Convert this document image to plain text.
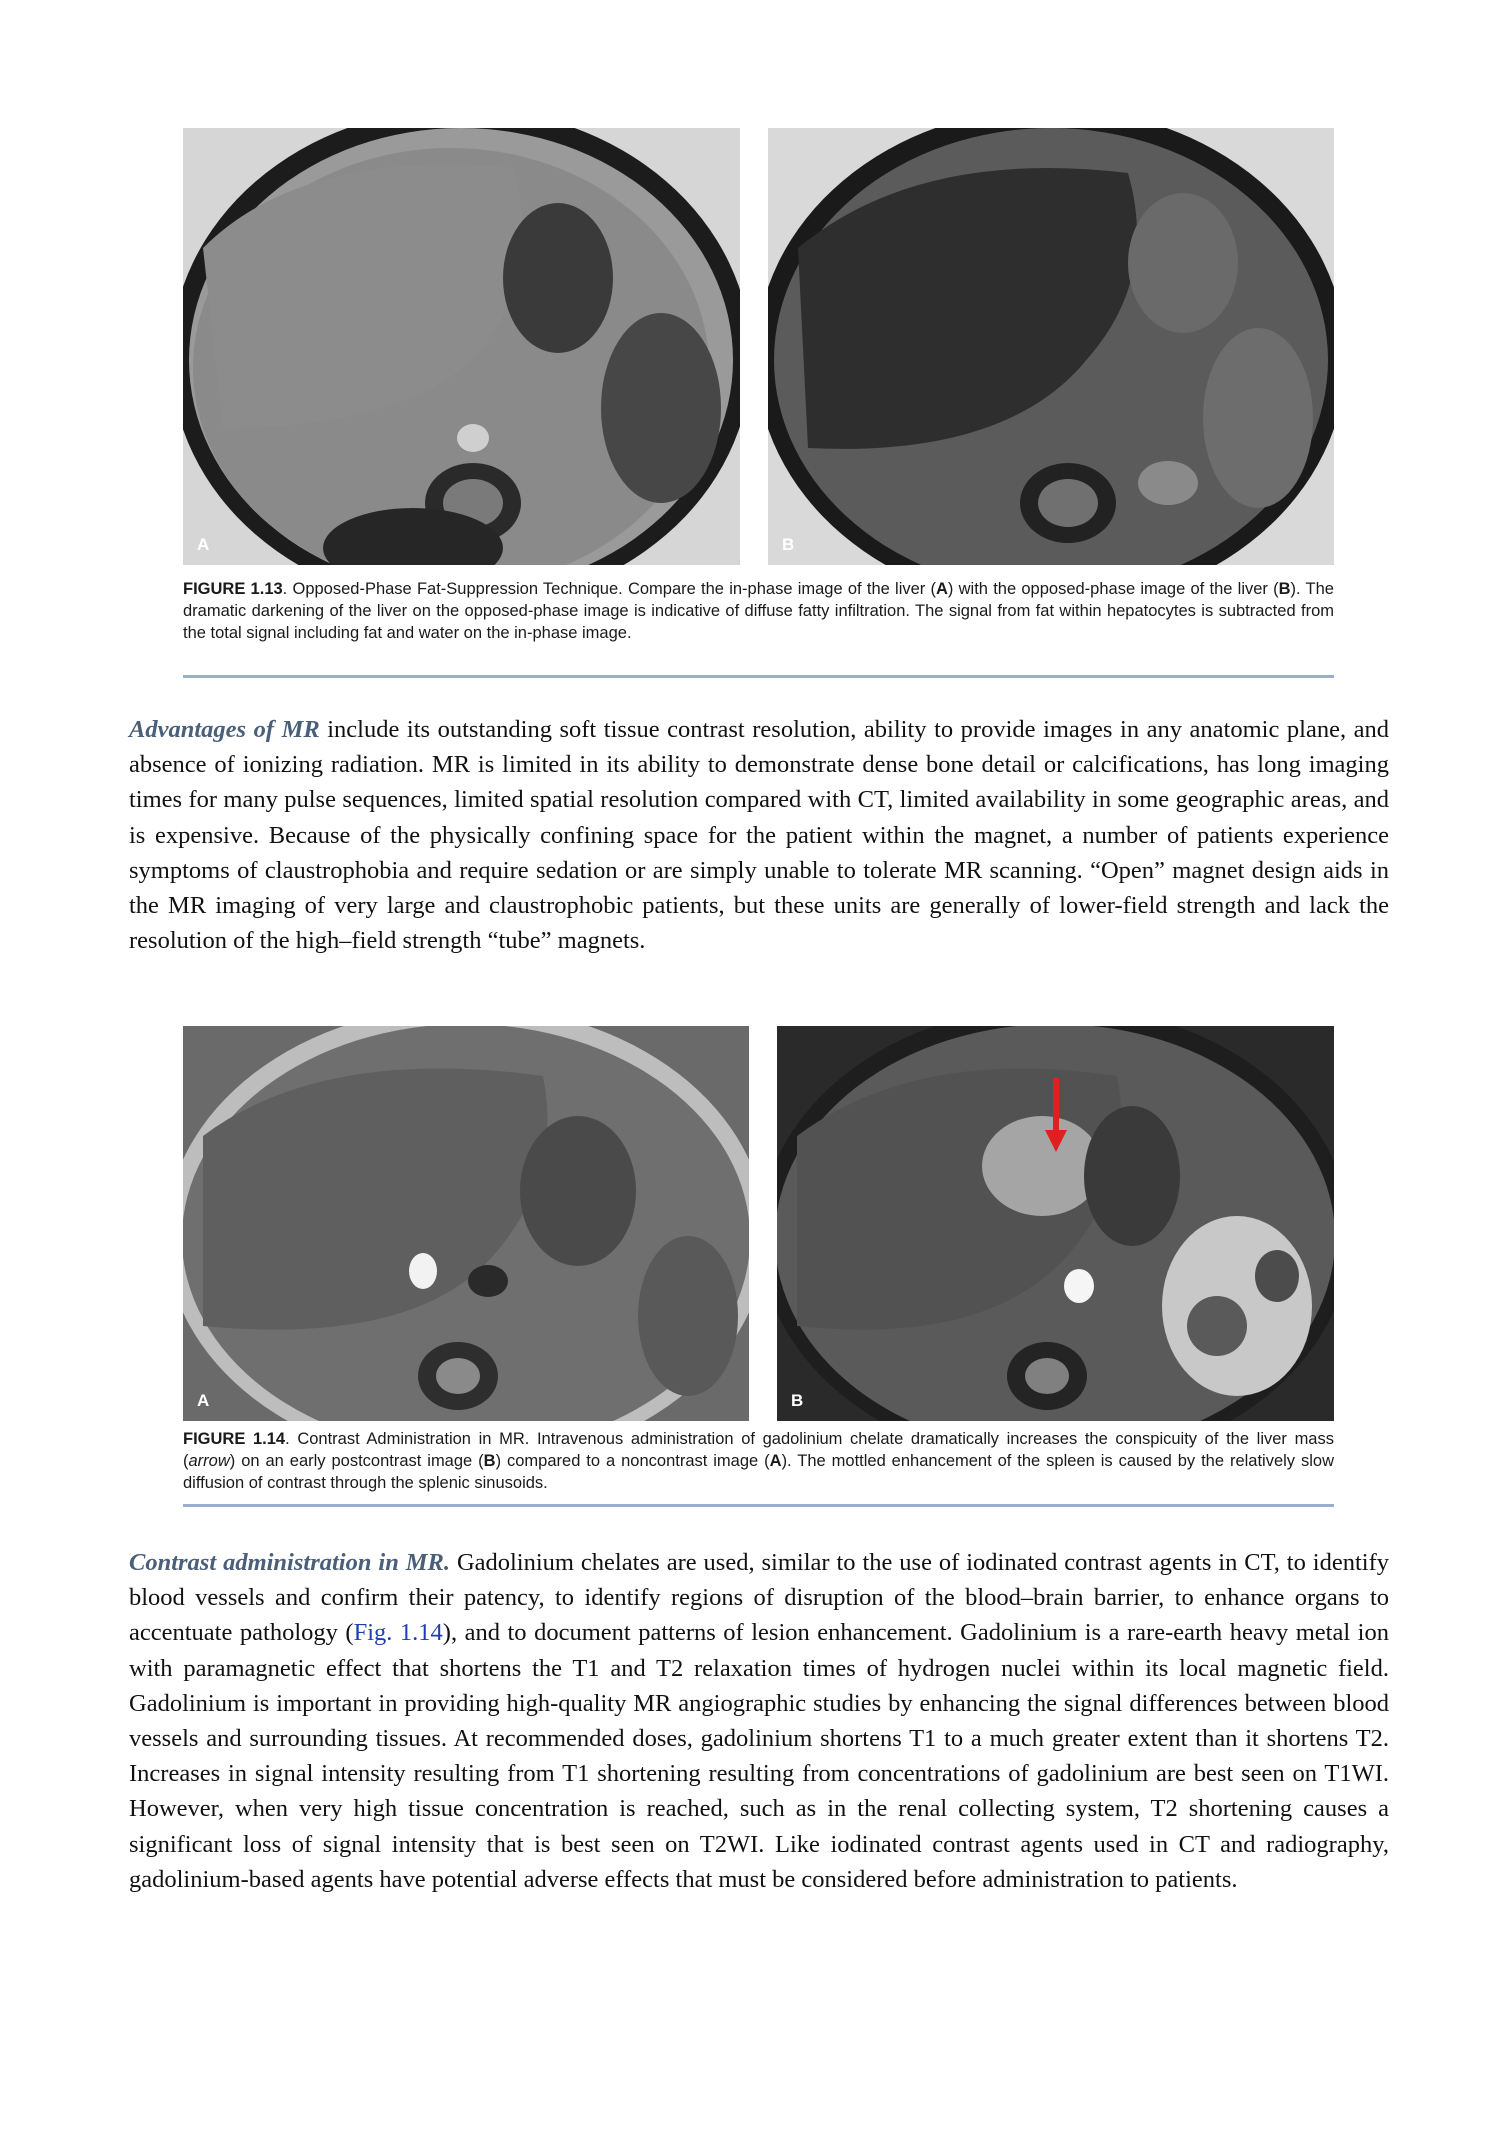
A	B
FIGURE 1.13. Opposed-Phase Fat-Suppression Technique. Compare the in-phase image of the liver (A) with the opposed-phase image of the liver (B). The dramatic darkening of the liver on the opposed-phase image is indicative of diffuse fatty infiltration. The signal from fat within hepatocytes is subtracted from the total signal including fat and water on the in-phase image.
Advantages of MR include its outstanding soft tissue contrast resolution, ability to provide images in any anatomic plane, and absence of ionizing radiation. MR is limited in its ability to demonstrate dense bone detail or calcifications, has long imaging times for many pulse sequences, limited spatial resolution compared with CT, limited availability in some geographic areas, and is expensive. Because of the physically confining space for the patient within the magnet, a number of patients experience symptoms of claustrophobia and require sedation or are simply unable to tolerate MR scanning. “Open” magnet design aids in the MR imaging of very large and claustrophobic patients, but these units are generally of lower-field strength and lack the resolution of the high–field strength “tube” magnets.
A	B
FIGURE 1.14. Contrast Administration in MR. Intravenous administration of gadolinium chelate dramatically increases the conspicuity of the liver mass (arrow) on an early postcontrast image (B) compared to a noncontrast image (A). The mottled enhancement of the spleen is caused by the relatively slow diffusion of contrast through the splenic sinusoids.
Contrast administration in MR. Gadolinium chelates are used, similar to the use of iodinated contrast agents in CT, to identify blood vessels and confirm their patency, to identify regions of disruption of the blood–brain barrier, to enhance organs to accentuate pathology (Fig. 1.14), and to document patterns of lesion enhancement. Gadolinium is a rare-earth heavy metal ion with paramagnetic effect that shortens the T1 and T2 relaxation times of hydrogen nuclei within its local magnetic field. Gadolinium is important in providing high-quality MR angiographic studies by enhancing the signal differences between blood vessels and surrounding tissues. At recommended doses, gadolinium shortens T1 to a much greater extent than it shortens T2. Increases in signal intensity resulting from T1 shortening resulting from concentrations of gadolinium are best seen on T1WI. However, when very high tissue concentration is reached, such as in the renal collecting system, T2 shortening causes a significant loss of signal intensity that is best seen on T2WI. Like iodinated contrast agents used in CT and radiography, gadolinium-based agents have potential adverse effects that must be considered before administration to patients.
